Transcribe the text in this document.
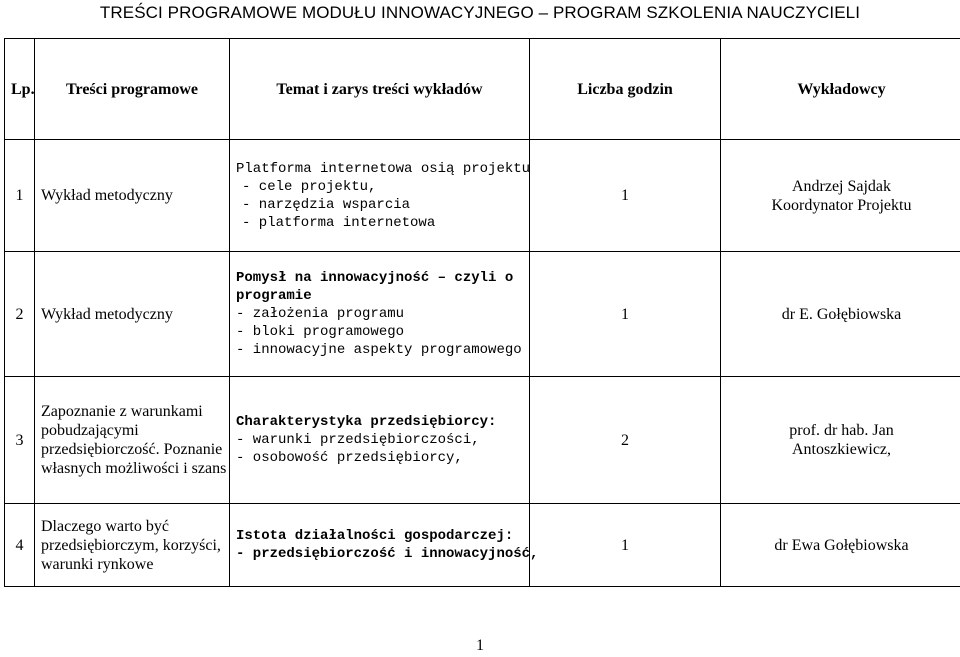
TREŚCI PROGRAMOWE MODUŁU INNOWACYJNEGO – PROGRAM SZKOLENIA NAUCZYCIELI
Lp.	Treści programowe	Temat i zarys treści wykładów	Liczba godzin	Wykładowcy
1	Wykład metodyczny	Platforma internetowa osią projektu
- cele projektu,
- narzędzia wsparcia
- platforma internetowa	1	Andrzej Sajdak
Koordynator Projektu

2	Wykład metodyczny	Pomysł na innowacyjność – czyli o
programie
- założenia programu
- bloki programowego
- innowacyjne aspekty programowego	1	dr E. Gołębiowska

3	Zapoznanie z warunkami
pobudzającymi
przedsiębiorczość. Poznanie
własnych możliwości i szans	Charakterystyka przedsiębiorcy:
- warunki przedsiębiorczości,
- osobowość przedsiębiorcy,	2	prof. dr hab. Jan
Antoszkiewicz,

4	Dlaczego warto być
przedsiębiorczym, korzyści,
warunki rynkowe	Istota działalności gospodarczej:
- przedsiębiorczość i innowacyjność,	1	dr Ewa Gołębiowska
1
